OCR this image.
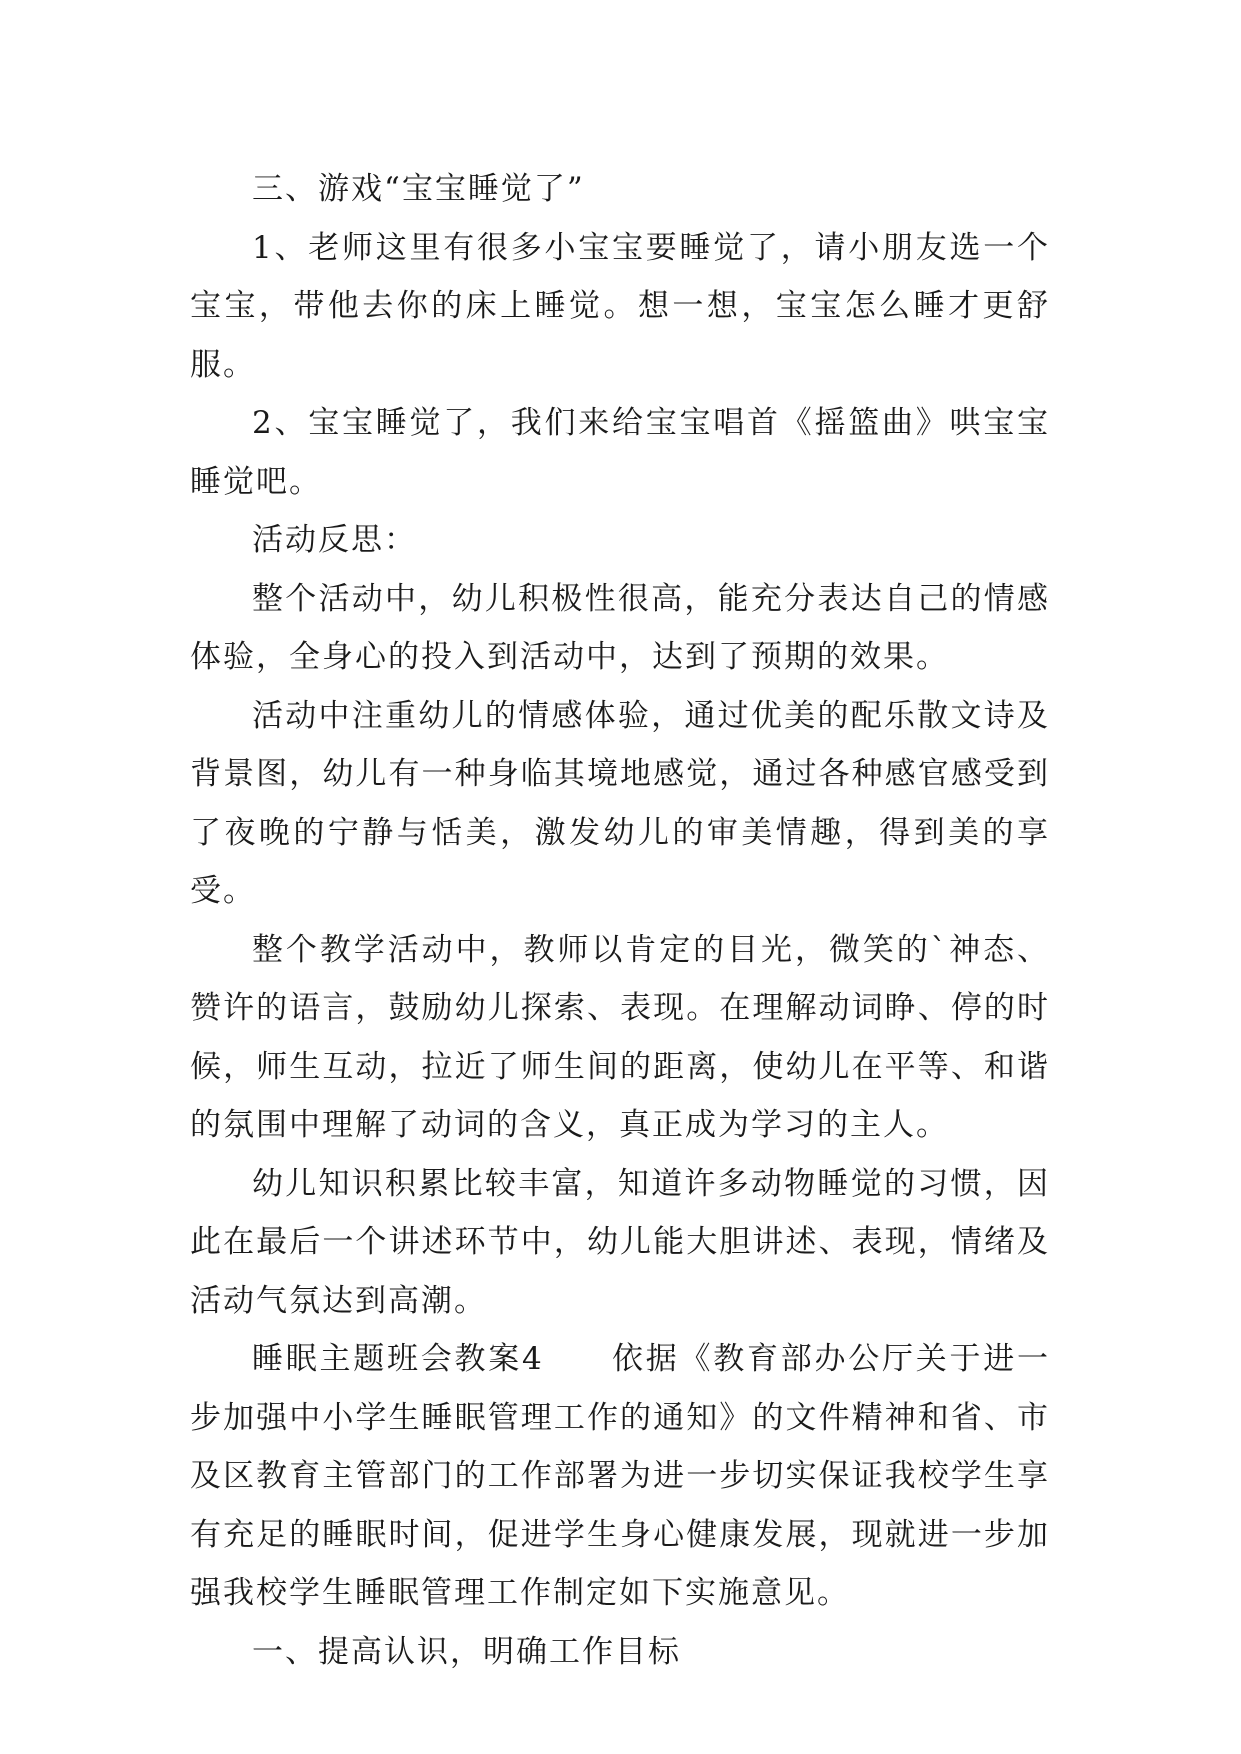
三、游戏“宝宝睡觉了”

1、老师这里有很多小宝宝要睡觉了，请小朋友选一个宝宝，带他去你的床上睡觉。想一想，宝宝怎么睡才更舒服。

2、宝宝睡觉了，我们来给宝宝唱首《摇篮曲》哄宝宝睡觉吧。

活动反思：

整个活动中，幼儿积极性很高，能充分表达自己的情感体验，全身心的投入到活动中，达到了预期的效果。

活动中注重幼儿的情感体验，通过优美的配乐散文诗及背景图，幼儿有一种身临其境地感觉，通过各种感官感受到了夜晚的宁静与恬美，激发幼儿的审美情趣，得到美的享受。

整个教学活动中，教师以肯定的目光，微笑的`神态、赞许的语言，鼓励幼儿探索、表现。在理解动词睁、停的时候，师生互动，拉近了师生间的距离，使幼儿在平等、和谐的氛围中理解了动词的含义，真正成为学习的主人。

幼儿知识积累比较丰富，知道许多动物睡觉的习惯，因此在最后一个讲述环节中，幼儿能大胆讲述、表现，情绪及活动气氛达到高潮。

睡眠主题班会教案4　　依据《教育部办公厅关于进一步加强中小学生睡眠管理工作的通知》的文件精神和省、市及区教育主管部门的工作部署为进一步切实保证我校学生享有充足的睡眠时间，促进学生身心健康发展，现就进一步加强我校学生睡眠管理工作制定如下实施意见。

一、提高认识，明确工作目标
